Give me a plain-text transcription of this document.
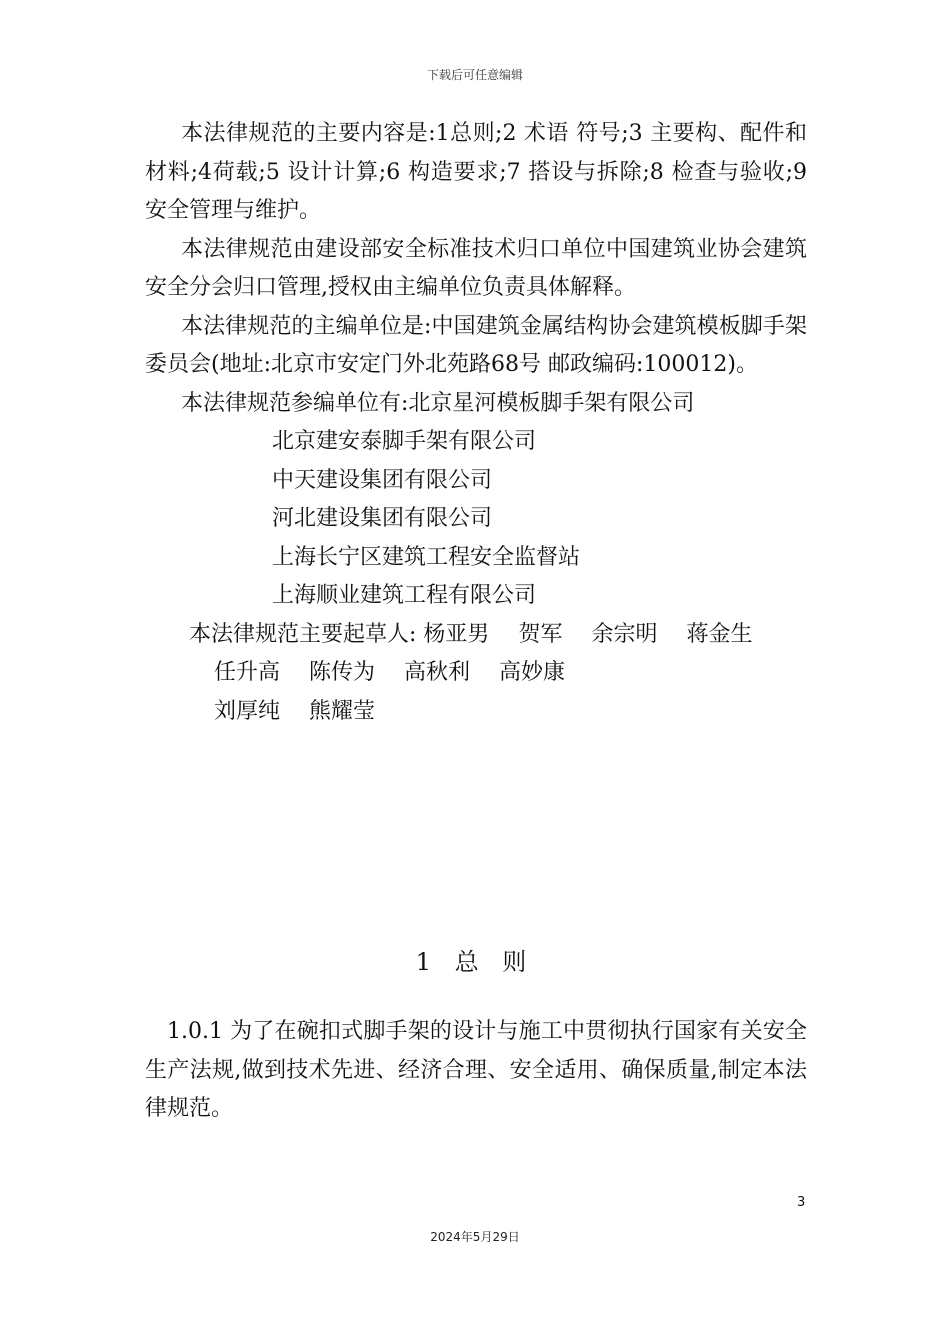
下载后可任意编辑

本法律规范的主要内容是:1总则;2 术语 符号;3 主要构、配件和材料;4荷载;5 设计计算;6 构造要求;7 搭设与拆除;8 检查与验收;9安全管理与维护。

本法律规范由建设部安全标准技术归口单位中国建筑业协会建筑安全分会归口管理,授权由主编单位负责具体解释。

本法律规范的主编单位是:中国建筑金属结构协会建筑模板脚手架委员会(地址:北京市安定门外北苑路68号 邮政编码:100012)。

本法律规范参编单位有:北京星河模板脚手架有限公司

北京建安泰脚手架有限公司
中天建设集团有限公司
河北建设集团有限公司
上海长宁区建筑工程安全监督站
上海顺业建筑工程有限公司
本法律规范主要起草人: 杨亚男 贺军 余宗明 蒋金生
任升高 陈传为 高秋利 高妙康
刘厚纯 熊耀莹
1 总 则

1.0.1 为了在碗扣式脚手架的设计与施工中贯彻执行国家有关安全生产法规,做到技术先进、经济合理、安全适用、确保质量,制定本法律规范。

3
2024年5月29日
